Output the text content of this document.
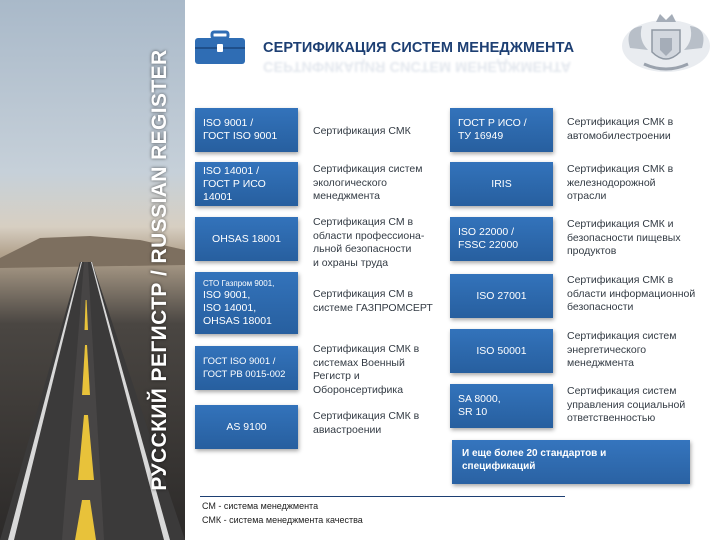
РУССКИЙ РЕГИСТР / RUSSIAN REGISTER
СЕРТИФИКАЦИЯ СИСТЕМ МЕНЕДЖМЕНТА
СЕРТИФИКАЦИЯ СИСТЕМ МЕНЕДЖМЕНТА
ISO 9001 /
ГОСТ ISO 9001	Сертификация СМК
ISO 14001 /
ГОСТ Р ИСО 14001
Сертификация систем
экологического
менеджмента
OHSAS 18001
Сертификация СМ в
области профессиона-
льной безопасности
и охраны труда
СТО Газпром 9001,
ISO 9001,
ISO 14001,
OHSAS 18001
Сертификация СМ в
системе ГАЗПРОМСЕРТ
ГОСТ ISO 9001 /
ГОСТ РВ 0015-002
Сертификация СМК в
системах Военный
Регистр и
Оборонсертифика
AS 9100
Сертификация СМК в
авиастроении
ГОСТ Р ИСО /
ТУ 16949
Сертификация СМК в
автомобилестроении
IRIS
Сертификация СМК в
железнодорожной
отрасли
ISO 22000 /
FSSC 22000
Сертификация СМК и
безопасности пищевых
продуктов
ISO 27001
Сертификация СМК в
области информационной
безопасности
ISO 50001
Сертификация систем
энергетического
менеджмента
SA 8000,
SR 10
Сертификация систем
управления социальной
ответственностью
И еще более 20 стандартов и
спецификаций
СМ - система менеджмента
СМК - система менеджмента качества
